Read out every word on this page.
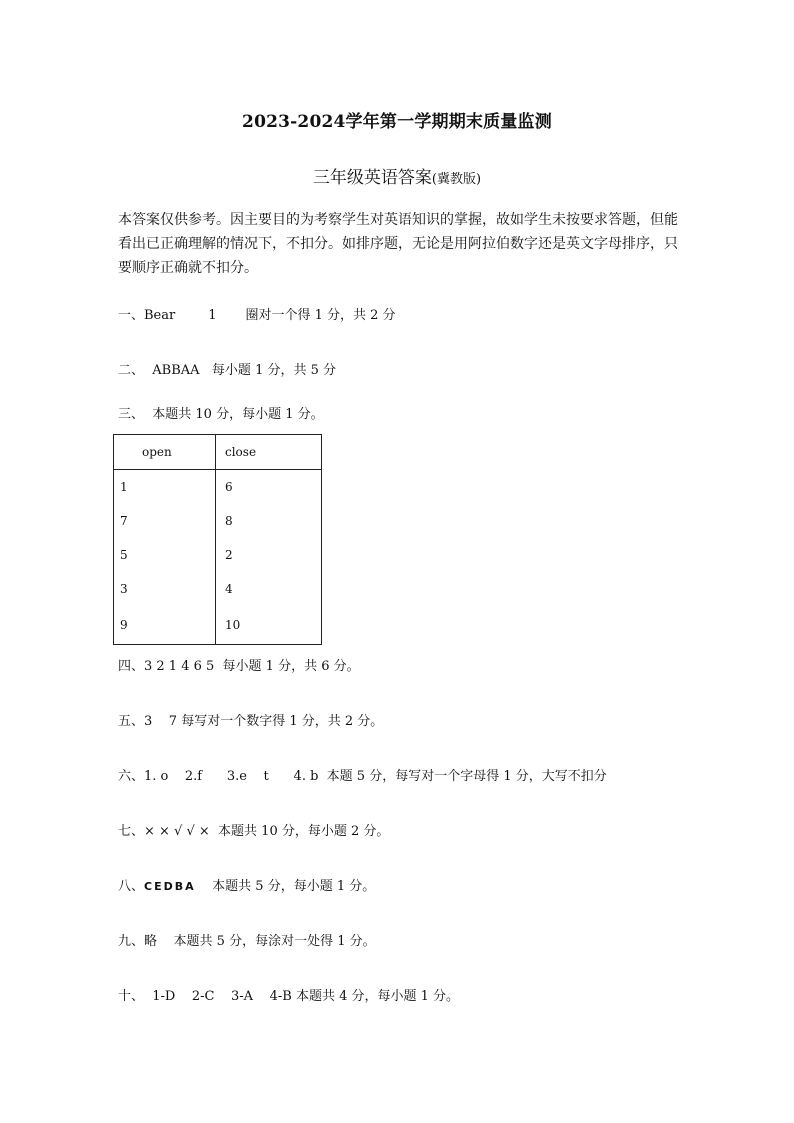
2023-2024学年第一学期期末质量监测
三年级英语答案(冀教版)
本答案仅供参考。因主要目的为考察学生对英语知识的掌握，故如学生未按要求答题，但能看出已正确理解的情况下，不扣分。如排序题，无论是用阿拉伯数字还是英文字母排序，只要顺序正确就不扣分。
一、Bear        1       圈对一个得 1 分，共 2 分
二、  ABBAA   每小题 1 分，共 5 分
三、  本题共 10 分，每小题 1 分。
open	close
1	6
7	8
5	2
3	4
9	10
四、3 2 1 4 6 5  每小题 1 分，共 6 分。
五、3    7 每写对一个数字得 1 分，共 2 分。
六、1. o    2.f      3.e    t      4. b  本题 5 分，每写对一个字母得 1 分，大写不扣分
七、× × √ √ ×  本题共 10 分，每小题 2 分。
八、CEDBA    本题共 5 分，每小题 1 分。
九、略    本题共 5 分，每涂对一处得 1 分。
十、  1-D    2-C    3-A    4-B 本题共 4 分，每小题 1 分。
